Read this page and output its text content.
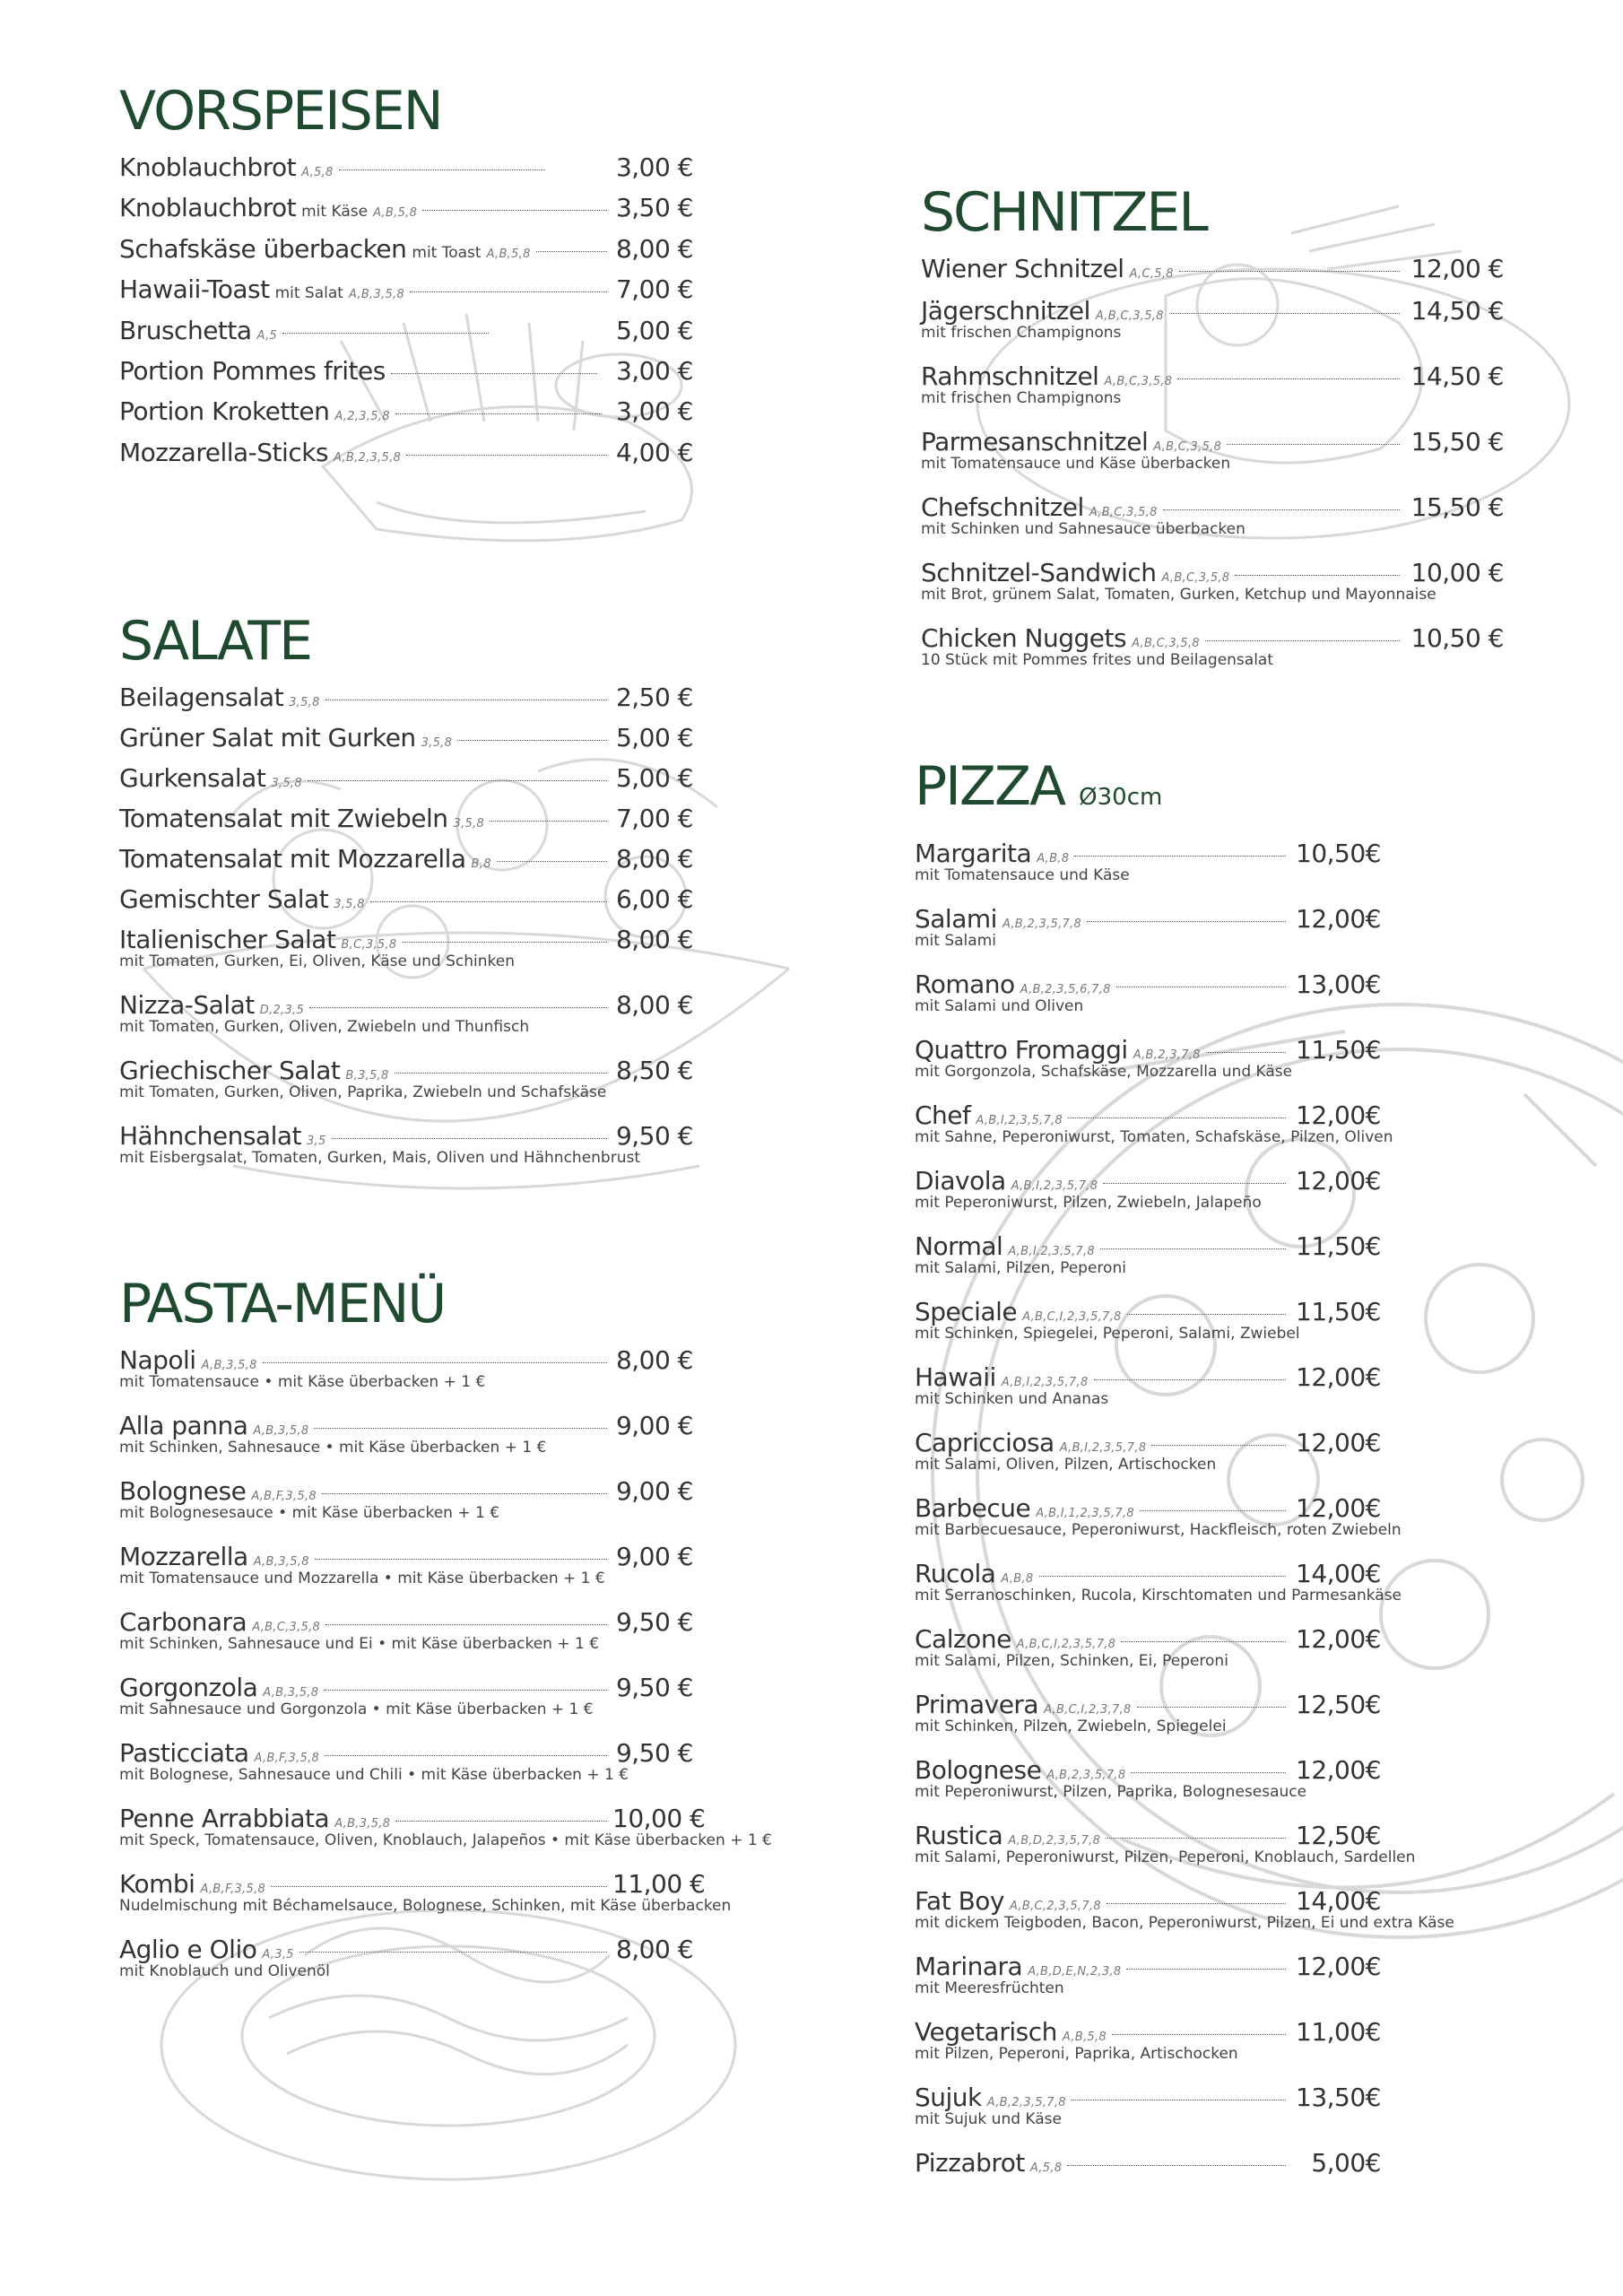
VORSPEISEN
Knoblauchbrot A,5,8	3,00 €
Knoblauchbrot mit Käse A,B,5,8	3,50 €
Schafskäse überbacken mit Toast A,B,5,8	8,00 €
Hawaii-Toast mit Salat A,B,3,5,8	7,00 €
Bruschetta A,5	5,00 €
Portion Pommes frites	3,00 €
Portion Kroketten A,2,3,5,8	3,00 €
Mozzarella-Sticks A,B,2,3,5,8	4,00 €
SALATE
Beilagensalat 3,5,8	2,50 €
Grüner Salat mit Gurken 3,5,8	5,00 €
Gurkensalat 3,5,8	5,00 €
Tomatensalat mit Zwiebeln 3,5,8	7,00 €
Tomatensalat mit Mozzarella B,8	8,00 €
Gemischter Salat 3,5,8	6,00 €
Italienischer Salat B,C,3,5,8	8,00 €
mit Tomaten, Gurken, Ei, Oliven, Käse und Schinken
Nizza-Salat D,2,3,5	8,00 €
mit Tomaten, Gurken, Oliven, Zwiebeln und Thunfisch
Griechischer Salat B,3,5,8	8,50 €
mit Tomaten, Gurken, Oliven, Paprika, Zwiebeln und Schafskäse
Hähnchensalat 3,5	9,50 €
mit Eisbergsalat, Tomaten, Gurken, Mais, Oliven und Hähnchenbrust
PASTA-MENÜ
Napoli A,B,3,5,8	8,00 €
mit Tomatensauce • mit Käse überbacken + 1 €
Alla panna A,B,3,5,8	9,00 €
mit Schinken, Sahnesauce • mit Käse überbacken + 1 €
Bolognese A,B,F,3,5,8	9,00 €
mit Bolognesesauce • mit Käse überbacken + 1 €
Mozzarella A,B,3,5,8	9,00 €
mit Tomatensauce und Mozzarella • mit Käse überbacken + 1 €
Carbonara A,B,C,3,5,8	9,50 €
mit Schinken, Sahnesauce und Ei • mit Käse überbacken + 1 €
Gorgonzola A,B,3,5,8	9,50 €
mit Sahnesauce und Gorgonzola • mit Käse überbacken + 1 €
Pasticciata A,B,F,3,5,8	9,50 €
mit Bolognese, Sahnesauce und Chili • mit Käse überbacken + 1 €
Penne Arrabbiata A,B,3,5,8	10,00 €
mit Speck, Tomatensauce, Oliven, Knoblauch, Jalapeños • mit Käse überbacken + 1 €
Kombi A,B,F,3,5,8	11,00 €
Nudelmischung mit Béchamelsauce, Bolognese, Schinken, mit Käse überbacken
Aglio e Olio A,3,5	8,00 €
mit Knoblauch und Olivenöl
SCHNITZEL
Wiener Schnitzel A,C,5,8	12,00 €
Jägerschnitzel A,B,C,3,5,8	14,50 €
mit frischen Champignons
Rahmschnitzel A,B,C,3,5,8	14,50 €
mit frischen Champignons
Parmesanschnitzel A,B,C,3,5,8	15,50 €
mit Tomatensauce und Käse überbacken
Chefschnitzel A,B,C,3,5,8	15,50 €
mit Schinken und Sahnesauce überbacken
Schnitzel-Sandwich A,B,C,3,5,8	10,00 €
mit Brot, grünem Salat, Tomaten, Gurken, Ketchup und Mayonnaise
Chicken Nuggets A,B,C,3,5,8	10,50 €
10 Stück mit Pommes frites und Beilagensalat
PIZZA Ø30cm
Margarita A,B,8	10,50€
mit Tomatensauce und Käse
Salami A,B,2,3,5,7,8	12,00€
mit Salami
Romano A,B,2,3,5,6,7,8	13,00€
mit Salami und Oliven
Quattro Fromaggi A,B,2,3,7,8	11,50€
mit Gorgonzola, Schafskäse, Mozzarella und Käse
Chef A,B,I,2,3,5,7,8	12,00€
mit Sahne, Peperoniwurst, Tomaten, Schafskäse, Pilzen, Oliven
Diavola A,B,I,2,3,5,7,8	12,00€
mit Peperoniwurst, Pilzen, Zwiebeln, Jalapeño
Normal A,B,I,2,3,5,7,8	11,50€
mit Salami, Pilzen, Peperoni
Speciale A,B,C,I,2,3,5,7,8	11,50€
mit Schinken, Spiegelei, Peperoni, Salami, Zwiebel
Hawaii A,B,I,2,3,5,7,8	12,00€
mit Schinken und Ananas
Capricciosa A,B,I,2,3,5,7,8	12,00€
mit Salami, Oliven, Pilzen, Artischocken
Barbecue A,B,I,1,2,3,5,7,8	12,00€
mit Barbecuesauce, Peperoniwurst, Hackfleisch, roten Zwiebeln
Rucola A,B,8	14,00€
mit Serranoschinken, Rucola, Kirschtomaten und Parmesankäse
Calzone A,B,C,I,2,3,5,7,8	12,00€
mit Salami, Pilzen, Schinken, Ei, Peperoni
Primavera A,B,C,I,2,3,7,8	12,50€
mit Schinken, Pilzen, Zwiebeln, Spiegelei
Bolognese A,B,2,3,5,7,8	12,00€
mit Peperoniwurst, Pilzen, Paprika, Bolognesesauce
Rustica A,B,D,2,3,5,7,8	12,50€
mit Salami, Peperoniwurst, Pilzen, Peperoni, Knoblauch, Sardellen
Fat Boy A,B,C,2,3,5,7,8	14,00€
mit dickem Teigboden, Bacon, Peperoniwurst, Pilzen, Ei und extra Käse
Marinara A,B,D,E,N,2,3,8	12,00€
mit Meeresfrüchten
Vegetarisch A,B,5,8	11,00€
mit Pilzen, Peperoni, Paprika, Artischocken
Sujuk A,B,2,3,5,7,8	13,50€
mit Sujuk und Käse
Pizzabrot A,5,8	5,00€
